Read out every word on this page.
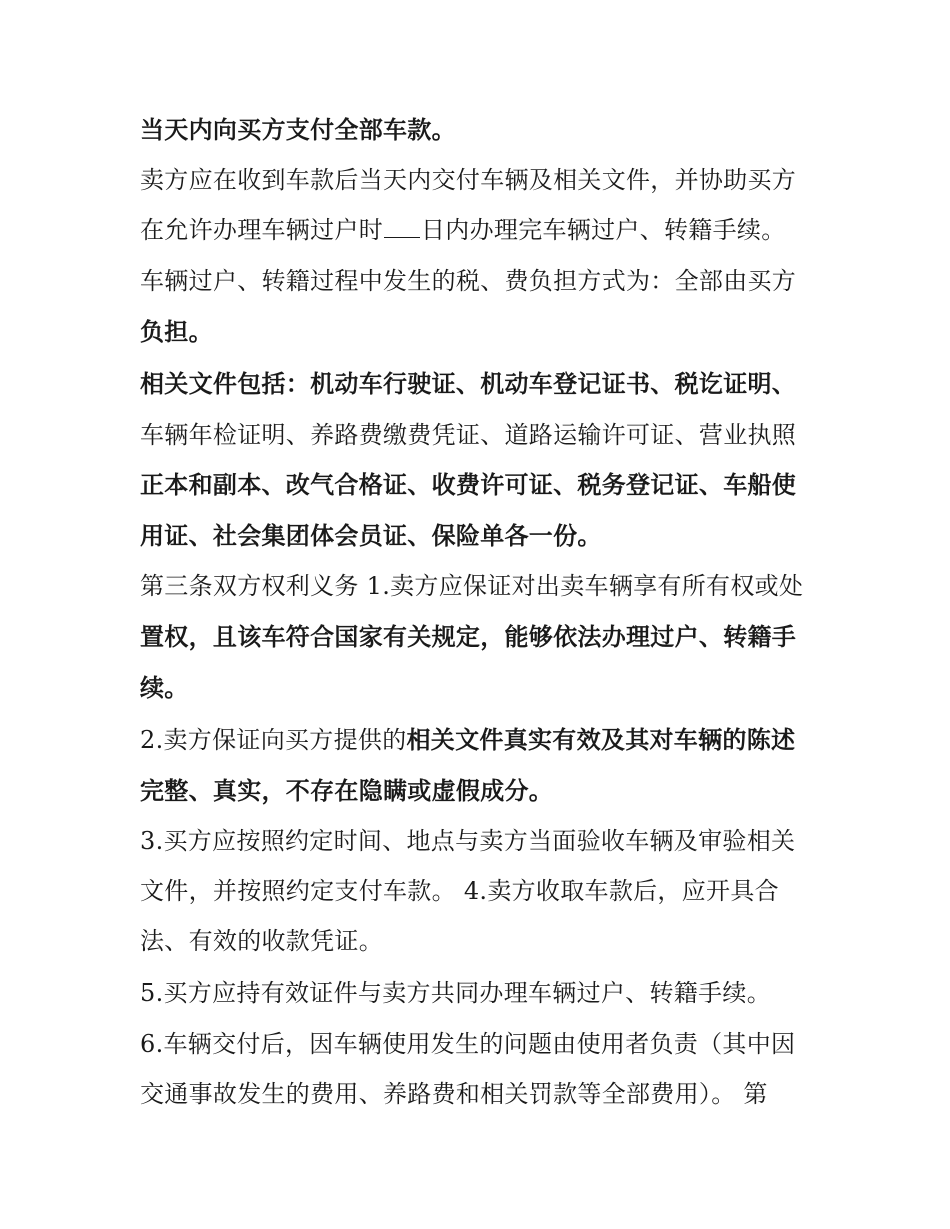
当天内向买方支付全部车款。
卖方应在收到车款后当天内交付车辆及相关文件，并协助买方
在允许办理车辆过户时 日内办理完车辆过户、转籍手续。
车辆过户、转籍过程中发生的税、费负担方式为：全部由买方
负担。
相关文件包括：机动车行驶证、机动车登记证书、税讫证明、
车辆年检证明、养路费缴费凭证、道路运输许可证、营业执照
正本和副本、改气合格证、收费许可证、税务登记证、车船使
用证、社会集团体会员证、保险单各一份。
第三条双方权利义务 1.卖方应保证对出卖车辆享有所有权或处
置权，且该车符合国家有关规定，能够依法办理过户、转籍手
续。
2.卖方保证向买方提供的相关文件真实有效及其对车辆的陈述
完整、真实，不存在隐瞒或虚假成分。
3.买方应按照约定时间、地点与卖方当面验收车辆及审验相关
文件，并按照约定支付车款。 4.卖方收取车款后，应开具合
法、有效的收款凭证。
5.买方应持有效证件与卖方共同办理车辆过户、转籍手续。
6.车辆交付后，因车辆使用发生的问题由使用者负责（其中因
交通事故发生的费用、养路费和相关罚款等全部费用）。 第
